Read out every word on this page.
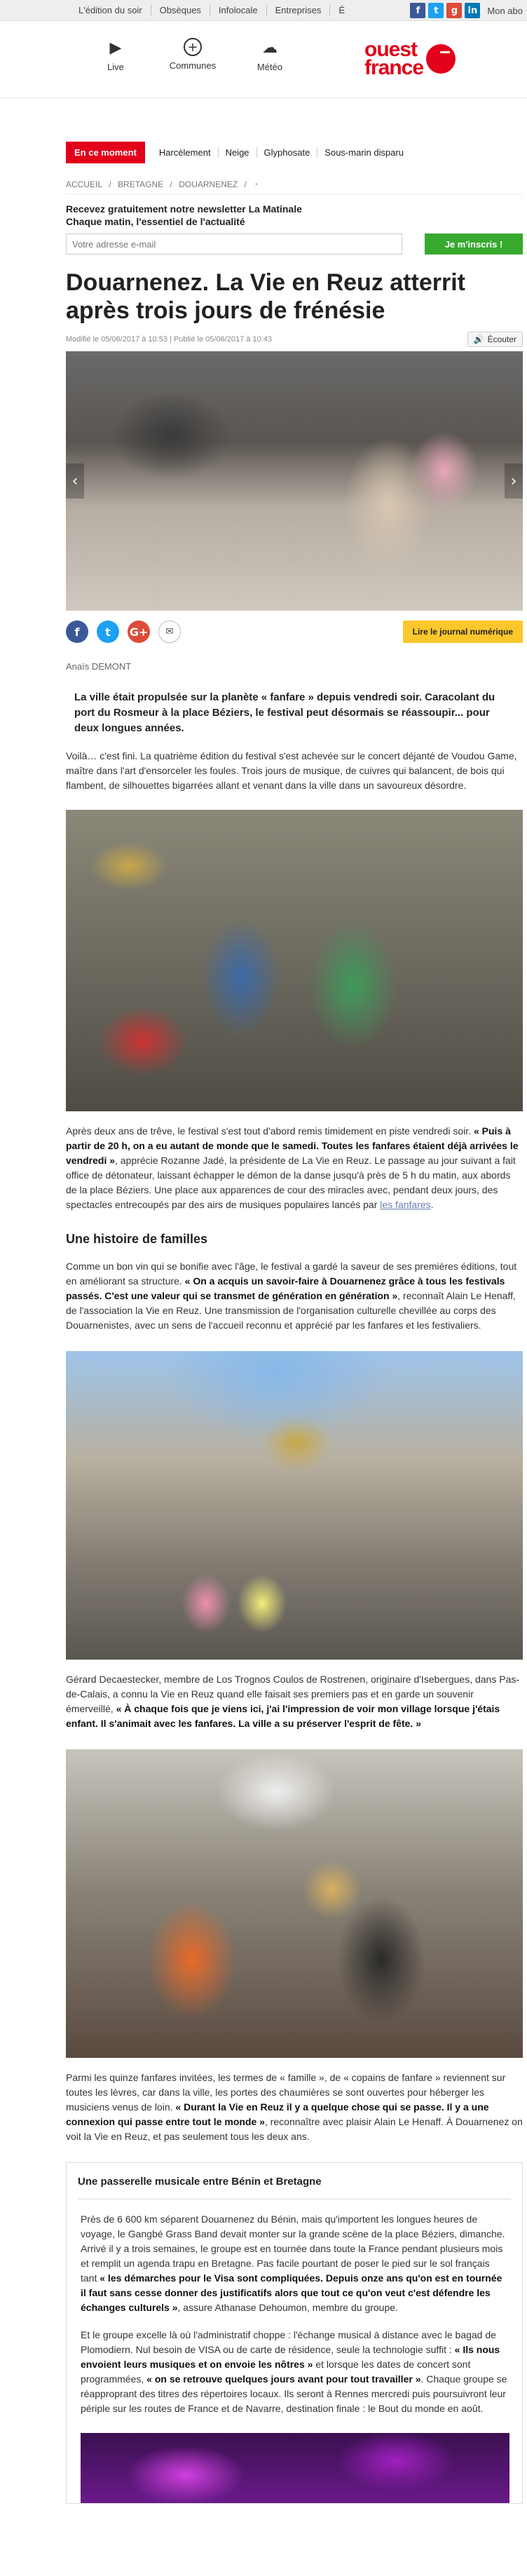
L'édition du soir	Obsèques	Infolocale	Entreprises	É	f	t	g	in	Mon abo
▶
Live
+
Communes
☁
Météo
ouest
france
En ce moment	Harcèlement	Neige	Glyphosate	Sous-marin disparu
ACCUEIL / BRETAGNE / DOUARNENEZ / ◔
Recevez gratuitement notre newsletter La Matinale
Chaque matin, l'essentiel de l'actualité
Votre adresse e-mail
Je m'inscris !
Douarnenez. La Vie en Reuz atterrit après trois jours de frénésie
Modifié le 05/06/2017 à 10:53 | Publié le 05/06/2017 à 10:43	🔊 Écouter
‹	›
f	t	G+	✉	Lire le journal numérique
Anaïs DEMONT

La ville était propulsée sur la planète « fanfare » depuis vendredi soir. Caracolant du port du Rosmeur à la place Béziers, le festival peut désormais se réassoupir... pour deux longues années.

Voilà… c'est fini. La quatrième édition du festival s'est achevée sur le concert déjanté de Voudou Game, maître dans l'art d'ensorceler les foules. Trois jours de musique, de cuivres qui balancent, de bois qui flambent, de silhouettes bigarrées allant et venant dans la ville dans un savoureux désordre.

Après deux ans de trêve, le festival s'est tout d'abord remis timidement en piste vendredi soir. « Puis à partir de 20 h, on a eu autant de monde que le samedi. Toutes les fanfares étaient déjà arrivées le vendredi », apprécie Rozanne Jadé, la présidente de La Vie en Reuz. Le passage au jour suivant a fait office de détonateur, laissant échapper le démon de la danse jusqu'à près de 5 h du matin, aux abords de la place Béziers. Une place aux apparences de cour des miracles avec, pendant deux jours, des spectacles entrecoupés par des airs de musiques populaires lancés par les fanfares.

Une histoire de familles

Comme un bon vin qui se bonifie avec l'âge, le festival a gardé la saveur de ses premières éditions, tout en améliorant sa structure. « On a acquis un savoir-faire à Douarnenez grâce à tous les festivals passés. C'est une valeur qui se transmet de génération en génération », reconnaît Alain Le Henaff, de l'association la Vie en Reuz. Une transmission de l'organisation culturelle chevillée au corps des Douarnenistes, avec un sens de l'accueil reconnu et apprécié par les fanfares et les festivaliers.

Gérard Decaestecker, membre de Los Trognos Coulos de Rostrenen, originaire d'Isebergues, dans Pas-de-Calais, a connu la Vie en Reuz quand elle faisait ses premiers pas et en garde un souvenir émerveillé, « À chaque fois que je viens ici, j'ai l'impression de voir mon village lorsque j'étais enfant. Il s'animait avec les fanfares. La ville a su préserver l'esprit de fête. »

Parmi les quinze fanfares invitées, les termes de « famille », de « copains de fanfare » reviennent sur toutes les lèvres, car dans la ville, les portes des chaumières se sont ouvertes pour héberger les musiciens venus de loin. « Durant la Vie en Reuz il y a quelque chose qui se passe. Il y a une connexion qui passe entre tout le monde », reconnaître avec plaisir Alain Le Henaff. À Douarnenez on voit la Vie en Reuz, et pas seulement tous les deux ans.

Une passerelle musicale entre Bénin et Bretagne

Près de 6 600 km séparent Douarnenez du Bénin, mais qu'importent les longues heures de voyage, le Gangbé Grass Band devait monter sur la grande scène de la place Béziers, dimanche. Arrivé il y a trois semaines, le groupe est en tournée dans toute la France pendant plusieurs mois et remplit un agenda trapu en Bretagne. Pas facile pourtant de poser le pied sur le sol français tant « les démarches pour le Visa sont compliquées. Depuis onze ans qu'on est en tournée il faut sans cesse donner des justificatifs alors que tout ce qu'on veut c'est défendre les échanges culturels », assure Athanase Dehoumon, membre du groupe.

Et le groupe excelle là où l'administratif choppe : l'échange musical à distance avec le bagad de Plomodiern. Nul besoin de VISA ou de carte de résidence, seule la technologie suffit : « Ils nous envoient leurs musiques et on envoie les nôtres » et lorsque les dates de concert sont programmées, « on se retrouve quelques jours avant pour tout travailler ». Chaque groupe se réapproprant des titres des répertoires locaux. Ils seront à Rennes mercredi puis poursuivront leur périple sur les routes de France et de Navarre, destination finale : le Bout du monde en août.
